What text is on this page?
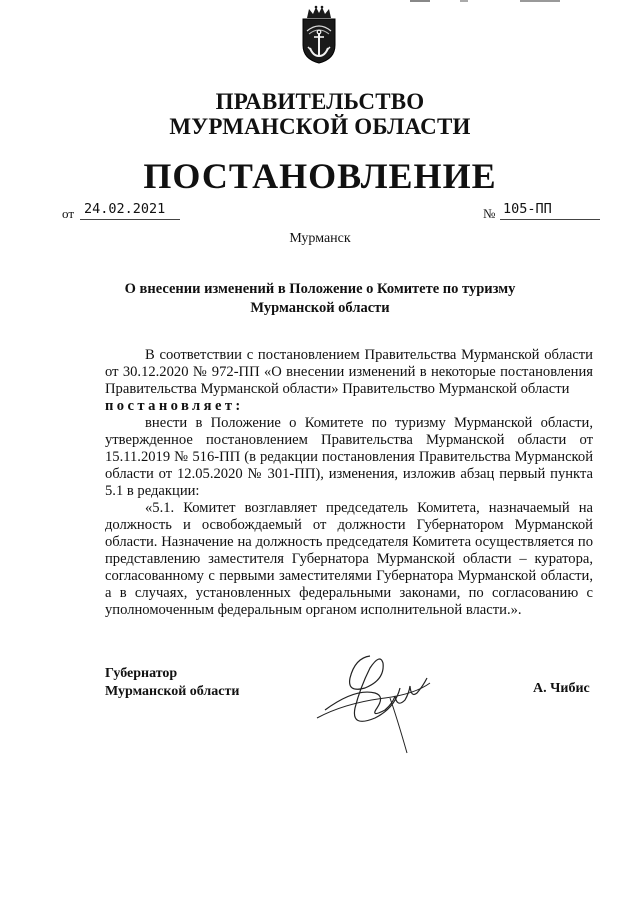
ПРАВИТЕЛЬСТВО
МУРМАНСКОЙ ОБЛАСТИ
ПОСТАНОВЛЕНИЕ
от 24.02.2021	№ 105-ПП
Мурманск
О внесении изменений в Положение о Комитете по туризму
Мурманской области
В соответствии с постановлением Правительства Мурманской области от 30.12.2020 № 972-ПП «О внесении изменений в некоторые постановления Правительства Мурманской области» Правительство Мурманской области
постановляет:
внести в Положение о Комитете по туризму Мурманской области, утвержденное постановлением Правительства Мурманской области от 15.11.2019 № 516-ПП (в редакции постановления Правительства Мурманской области от 12.05.2020 № 301-ПП), изменения, изложив абзац первый пункта 5.1 в редакции:
«5.1. Комитет возглавляет председатель Комитета, назначаемый на должность и освобождаемый от должности Губернатором Мурманской области. Назначение на должность председателя Комитета осуществляется по представлению заместителя Губернатора Мурманской области – куратора, согласованному с первыми заместителями Губернатора Мурманской области, а в случаях, установленных федеральными законами, по согласованию с уполномоченным федеральным органом исполнительной власти.».
Губернатор
Мурманской области	А. Чибис
